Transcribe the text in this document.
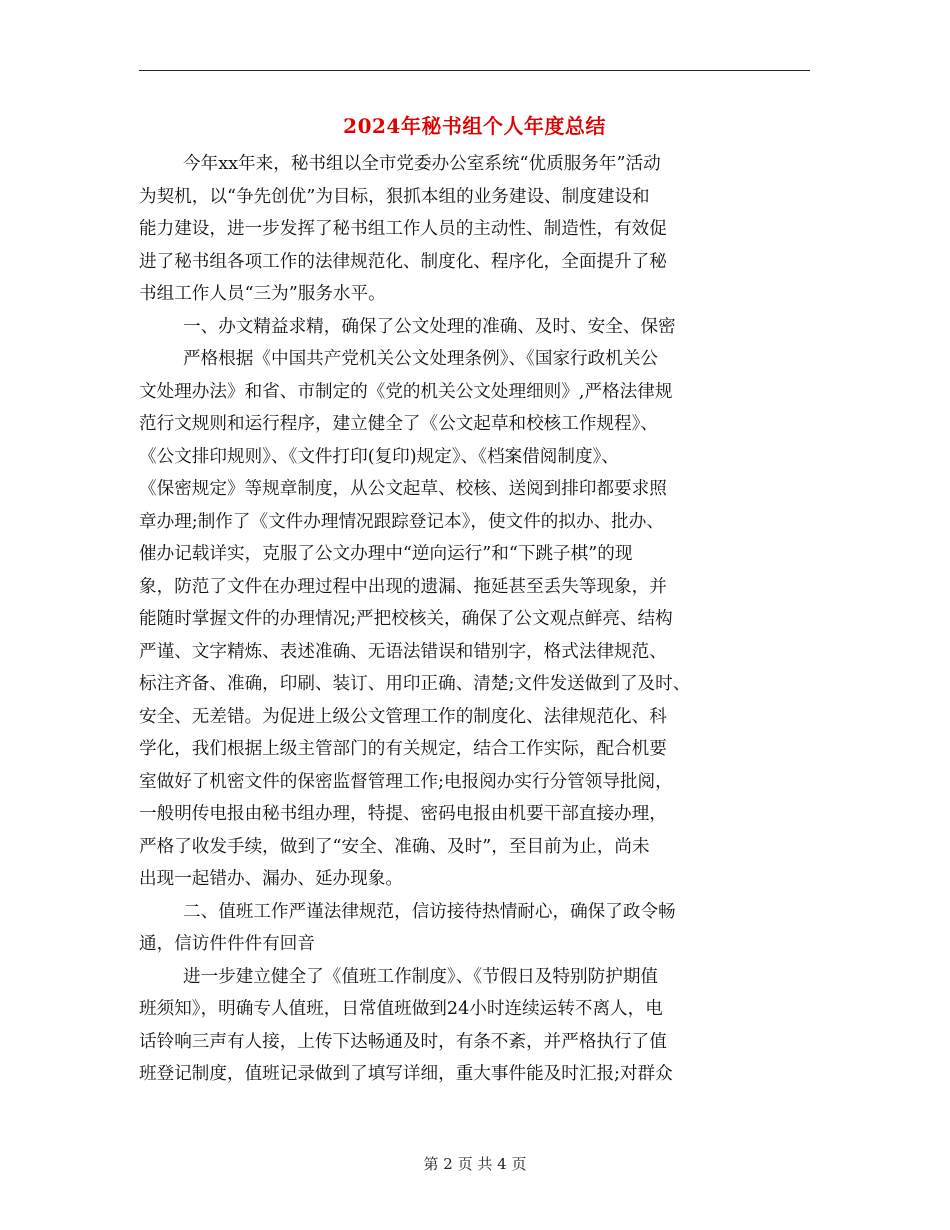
2024年秘书组个人年度总结
今年xx年来，秘书组以全市党委办公室系统“优质服务年”活动
为契机，以“争先创优”为目标，狠抓本组的业务建设、制度建设和
能力建设，进一步发挥了秘书组工作人员的主动性、制造性，有效促
进了秘书组各项工作的法律规范化、制度化、程序化，全面提升了秘
书组工作人员“三为”服务水平。
一、办文精益求精，确保了公文处理的准确、及时、安全、保密
严格根据《中国共产党机关公文处理条例》、《国家行政机关公
文处理办法》和省、市制定的《党的机关公文处理细则》,严格法律规
范行文规则和运行程序，建立健全了《公文起草和校核工作规程》、
《公文排印规则》、《文件打印(复印)规定》、《档案借阅制度》、
《保密规定》等规章制度，从公文起草、校核、送阅到排印都要求照
章办理;制作了《文件办理情况跟踪登记本》，使文件的拟办、批办、
催办记载详实，克服了公文办理中“逆向运行”和“下跳子棋”的现
象，防范了文件在办理过程中出现的遗漏、拖延甚至丢失等现象，并
能随时掌握文件的办理情况;严把校核关，确保了公文观点鲜亮、结构
严谨、文字精炼、表述准确、无语法错误和错别字，格式法律规范、
标注齐备、准确，印刷、装订、用印正确、清楚;文件发送做到了及时、
安全、无差错。为促进上级公文管理工作的制度化、法律规范化、科
学化，我们根据上级主管部门的有关规定，结合工作实际，配合机要
室做好了机密文件的保密监督管理工作;电报阅办实行分管领导批阅，
一般明传电报由秘书组办理，特提、密码电报由机要干部直接办理，
严格了收发手续，做到了“安全、准确、及时”，至目前为止，尚未
出现一起错办、漏办、延办现象。
二、值班工作严谨法律规范，信访接待热情耐心，确保了政令畅
通，信访件件件有回音
进一步建立健全了《值班工作制度》、《节假日及特别防护期值
班须知》，明确专人值班，日常值班做到24小时连续运转不离人，电
话铃响三声有人接，上传下达畅通及时，有条不紊，并严格执行了值
班登记制度，值班记录做到了填写详细，重大事件能及时汇报;对群众
第 2 页 共 4 页
